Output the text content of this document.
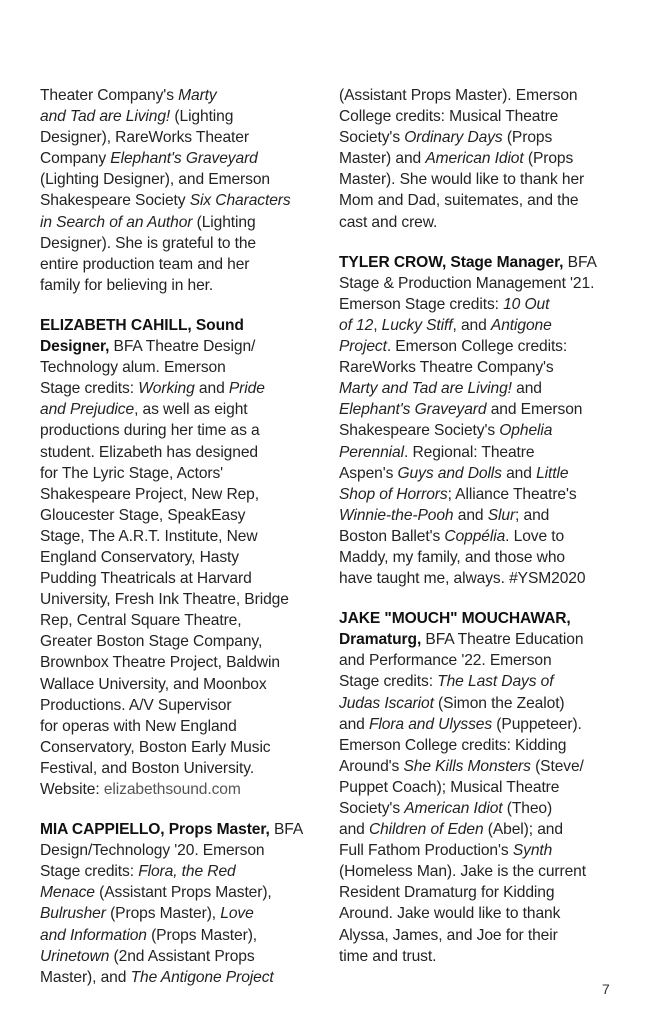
Theater Company's Marty
and Tad are Living! (Lighting
Designer), RareWorks Theater
Company Elephant's Graveyard
(Lighting Designer), and Emerson
Shakespeare Society Six Characters
in Search of an Author (Lighting
Designer). She is grateful to the
entire production team and her
family for believing in her.

ELIZABETH CAHILL, Sound
Designer, BFA Theatre Design/
Technology alum. Emerson
Stage credits: Working and Pride
and Prejudice, as well as eight
productions during her time as a
student. Elizabeth has designed
for The Lyric Stage, Actors'
Shakespeare Project, New Rep,
Gloucester Stage, SpeakEasy
Stage, The A.R.T. Institute, New
England Conservatory, Hasty
Pudding Theatricals at Harvard
University, Fresh Ink Theatre, Bridge
Rep, Central Square Theatre,
Greater Boston Stage Company,
Brownbox Theatre Project, Baldwin
Wallace University, and Moonbox
Productions. A/V Supervisor
for operas with New England
Conservatory, Boston Early Music
Festival, and Boston University.
Website: elizabethsound.com

MIA CAPPIELLO, Props Master, BFA
Design/Technology '20. Emerson
Stage credits: Flora, the Red
Menace (Assistant Props Master),
Bulrusher (Props Master), Love
and Information (Props Master),
Urinetown (2nd Assistant Props
Master), and The Antigone Project

(Assistant Props Master). Emerson
College credits: Musical Theatre
Society's Ordinary Days (Props
Master) and American Idiot (Props
Master). She would like to thank her
Mom and Dad, suitemates, and the
cast and crew.

TYLER CROW, Stage Manager, BFA
Stage & Production Management '21.
Emerson Stage credits: 10 Out
of 12, Lucky Stiff, and Antigone
Project. Emerson College credits:
RareWorks Theatre Company's
Marty and Tad are Living! and
Elephant's Graveyard and Emerson
Shakespeare Society's Ophelia
Perennial. Regional: Theatre
Aspen's Guys and Dolls and Little
Shop of Horrors; Alliance Theatre's
Winnie-the-Pooh and Slur; and
Boston Ballet's Coppélia. Love to
Maddy, my family, and those who
have taught me, always. #YSM2020

JAKE "MOUCH" MOUCHAWAR,
Dramaturg, BFA Theatre Education
and Performance '22. Emerson
Stage credits: The Last Days of
Judas Iscariot (Simon the Zealot)
and Flora and Ulysses (Puppeteer).
Emerson College credits: Kidding
Around's She Kills Monsters (Steve/
Puppet Coach); Musical Theatre
Society's American Idiot (Theo)
and Children of Eden (Abel); and
Full Fathom Production's Synth
(Homeless Man). Jake is the current
Resident Dramaturg for Kidding
Around. Jake would like to thank
Alyssa, James, and Joe for their
time and trust.

7
